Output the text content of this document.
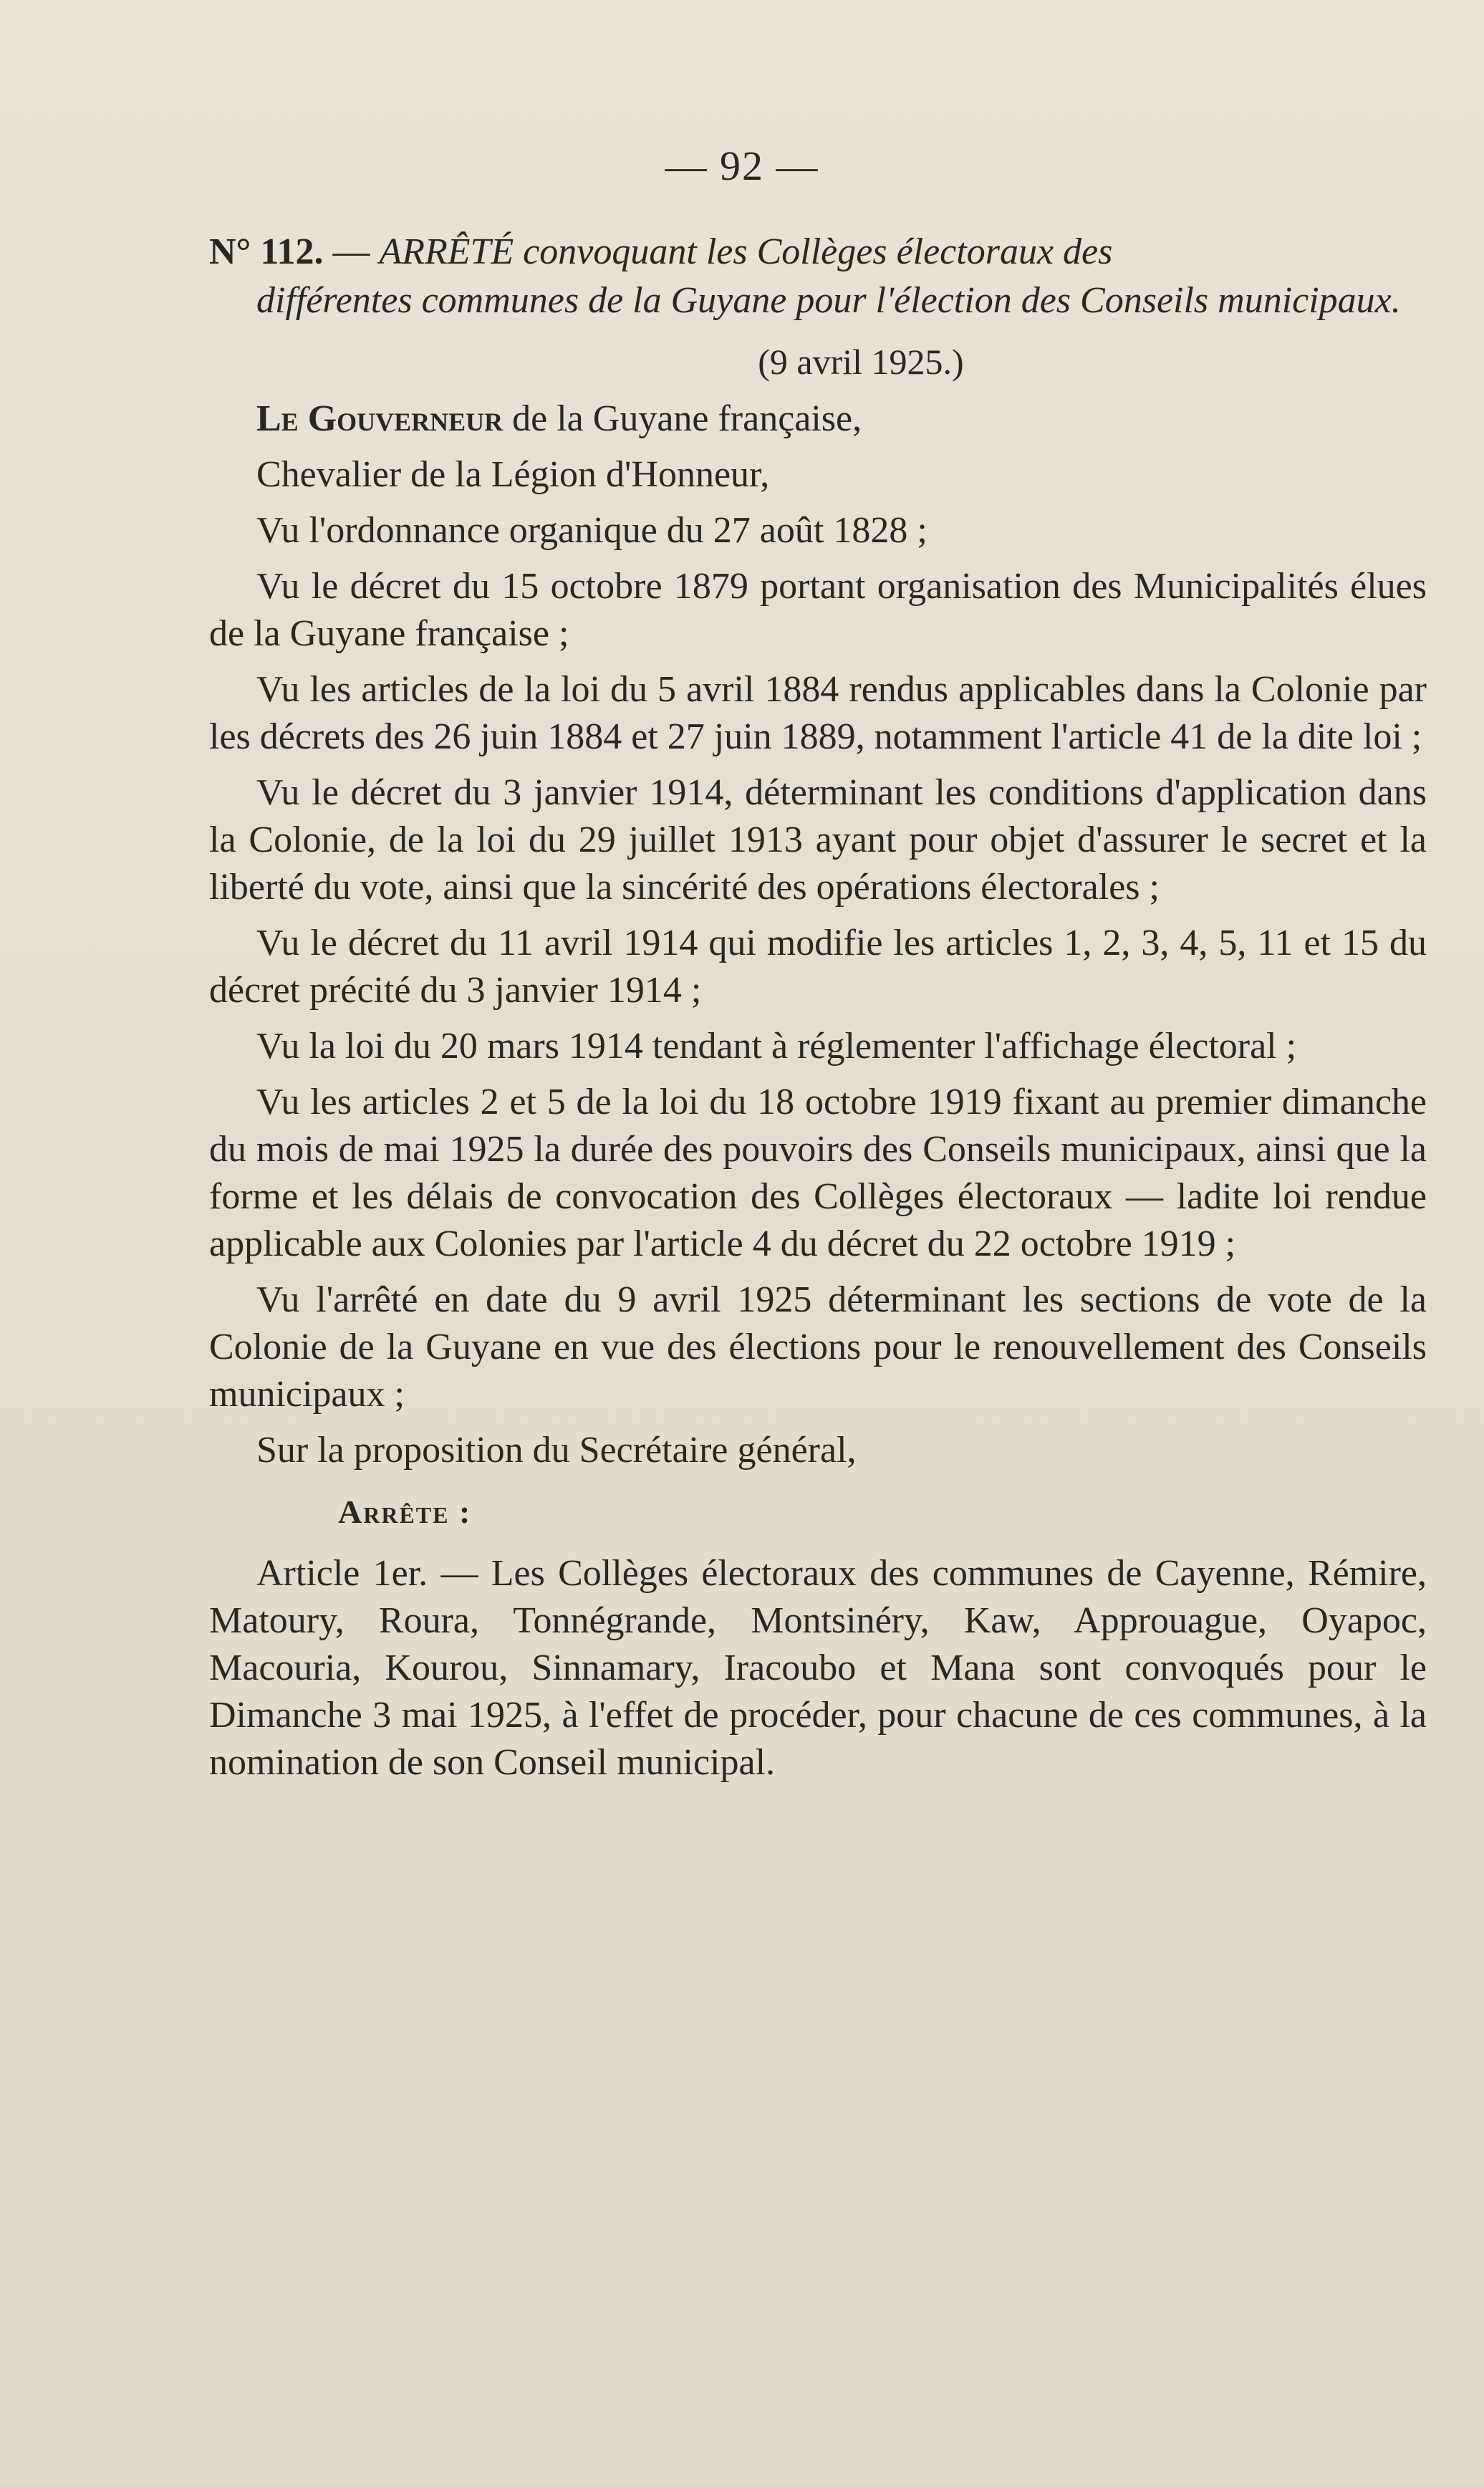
— 92 —
N° 112. — ARRÊTÉ convoquant les Collèges électoraux des
différentes communes de la Guyane pour l'élection des Conseils municipaux.
(9 avril 1925.)
Le Gouverneur de la Guyane française,
Chevalier de la Légion d'Honneur,
Vu l'ordonnance organique du 27 août 1828 ;
Vu le décret du 15 octobre 1879 portant organisation des Municipalités élues de la Guyane française ;
Vu les articles de la loi du 5 avril 1884 rendus applicables dans la Colonie par les décrets des 26 juin 1884 et 27 juin 1889, notamment l'article 41 de la dite loi ;
Vu le décret du 3 janvier 1914, déterminant les conditions d'application dans la Colonie, de la loi du 29 juillet 1913 ayant pour objet d'assurer le secret et la liberté du vote, ainsi que la sincérité des opérations électorales ;
Vu le décret du 11 avril 1914 qui modifie les articles 1, 2, 3, 4, 5, 11 et 15 du décret précité du 3 janvier 1914 ;
Vu la loi du 20 mars 1914 tendant à réglementer l'affichage électoral ;
Vu les articles 2 et 5 de la loi du 18 octobre 1919 fixant au premier dimanche du mois de mai 1925 la durée des pouvoirs des Conseils municipaux, ainsi que la forme et les délais de convocation des Collèges électoraux — ladite loi rendue applicable aux Colonies par l'article 4 du décret du 22 octobre 1919 ;
Vu l'arrêté en date du 9 avril 1925 déterminant les sections de vote de la Colonie de la Guyane en vue des élections pour le renouvellement des Conseils municipaux ;
Sur la proposition du Secrétaire général,
Arrête :
Article 1er. — Les Collèges électoraux des communes de Cayenne, Rémire, Matoury, Roura, Tonnégrande, Montsinéry, Kaw, Approuague, Oyapoc, Macouria, Kourou, Sinnamary, Iracoubo et Mana sont convoqués pour le Dimanche 3 mai 1925, à l'effet de procéder, pour chacune de ces communes, à la nomination de son Conseil municipal.
